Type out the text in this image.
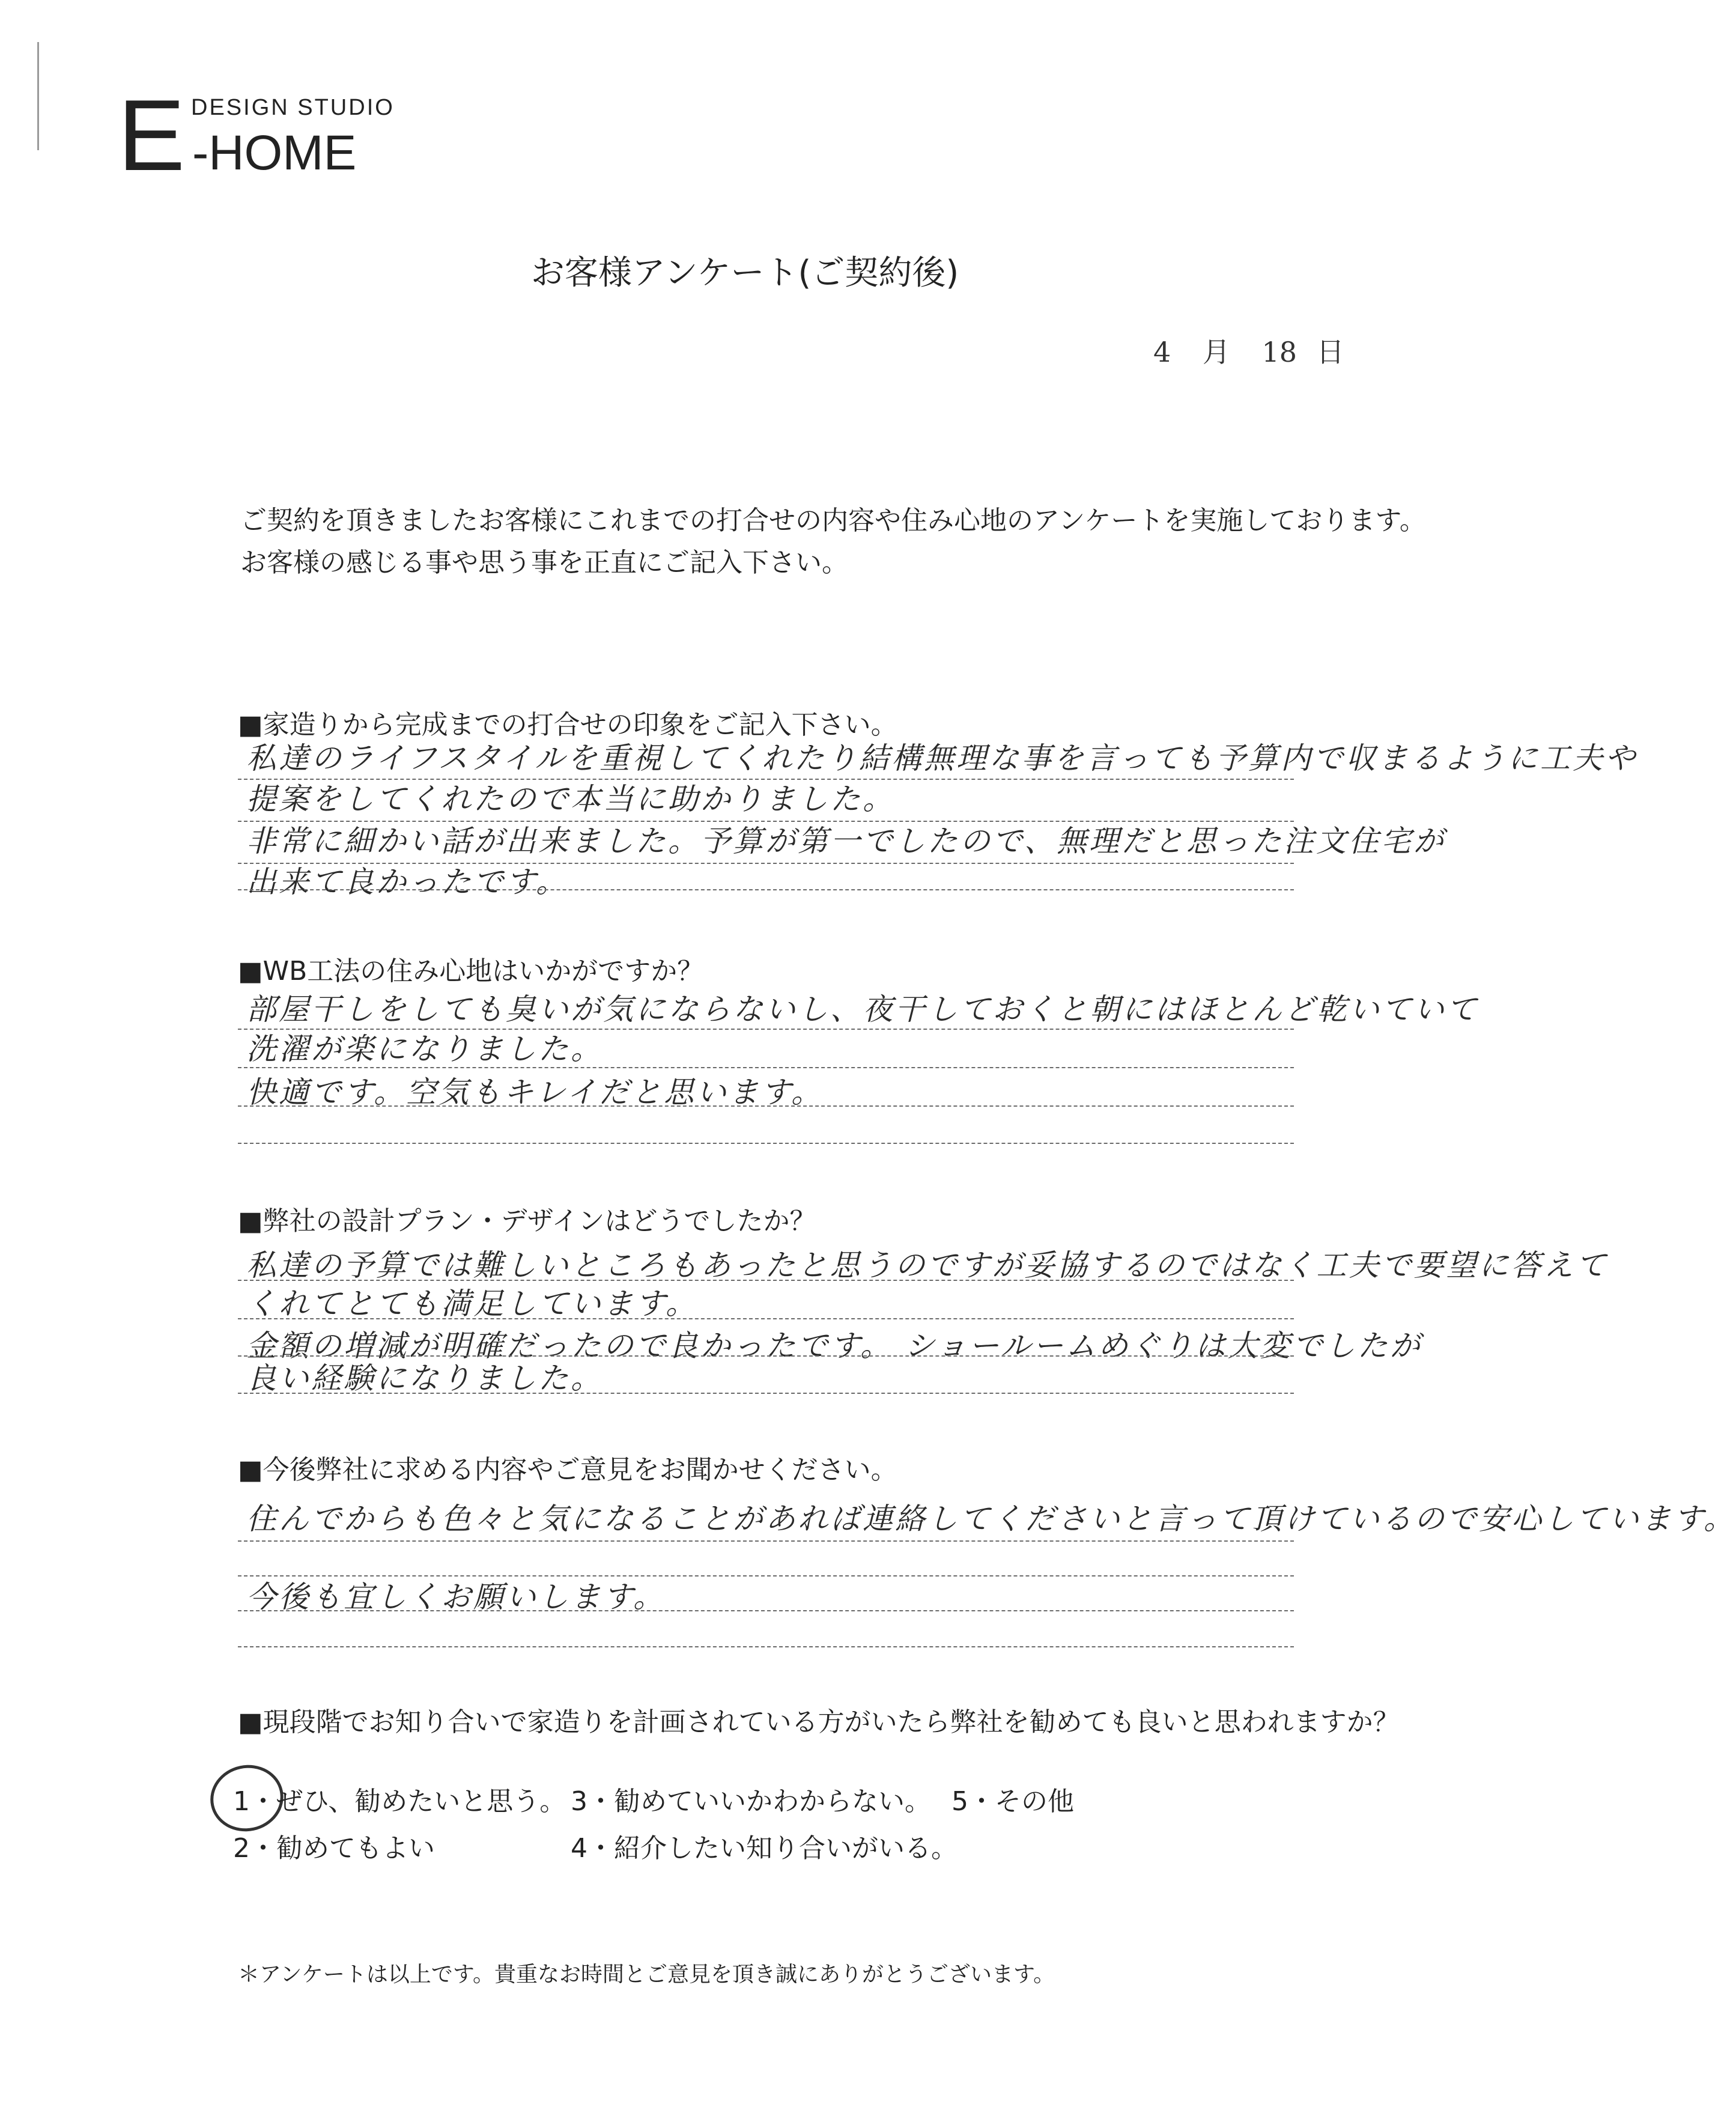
DESIGN STUDIO
E -HOME
お客様アンケート(ご契約後)
4 月 18 日
ご契約を頂きましたお客様にこれまでの打合せの内容や住み心地のアンケートを実施しております。
お客様の感じる事や思う事を正直にご記入下さい。
■家造りから完成までの打合せの印象をご記入下さい。
私達のライフスタイルを重視してくれたり結構無理な事を言っても予算内で収まるように工夫や
提案をしてくれたので本当に助かりました。
非常に細かい話が出来ました。予算が第一でしたので、無理だと思った注文住宅が
出来て良かったです。
■WB工法の住み心地はいかがですか？
部屋干しをしても臭いが気にならないし、夜干しておくと朝にはほとんど乾いていて
洗濯が楽になりました。
快適です。空気もキレイだと思います。
■弊社の設計プラン・デザインはどうでしたか？
私達の予算では難しいところもあったと思うのですが妥協するのではなく工夫で要望に答えて
くれてとても満足しています。
金額の増減が明確だったので良かったです。 ショールームめぐりは大変でしたが
良い経験になりました。
■今後弊社に求める内容やご意見をお聞かせください。
住んでからも色々と気になることがあれば連絡してくださいと言って頂けているので安心しています。
今後も宜しくお願いします。
■現段階でお知り合いで家造りを計画されている方がいたら弊社を勧めても良いと思われますか？
1・ぜひ、勧めたいと思う。 3・勧めていいかわからない。 5・その他
2・勧めてもよい	4・紹介したい知り合いがいる。
＊アンケートは以上です。貴重なお時間とご意見を頂き誠にありがとうございます。
